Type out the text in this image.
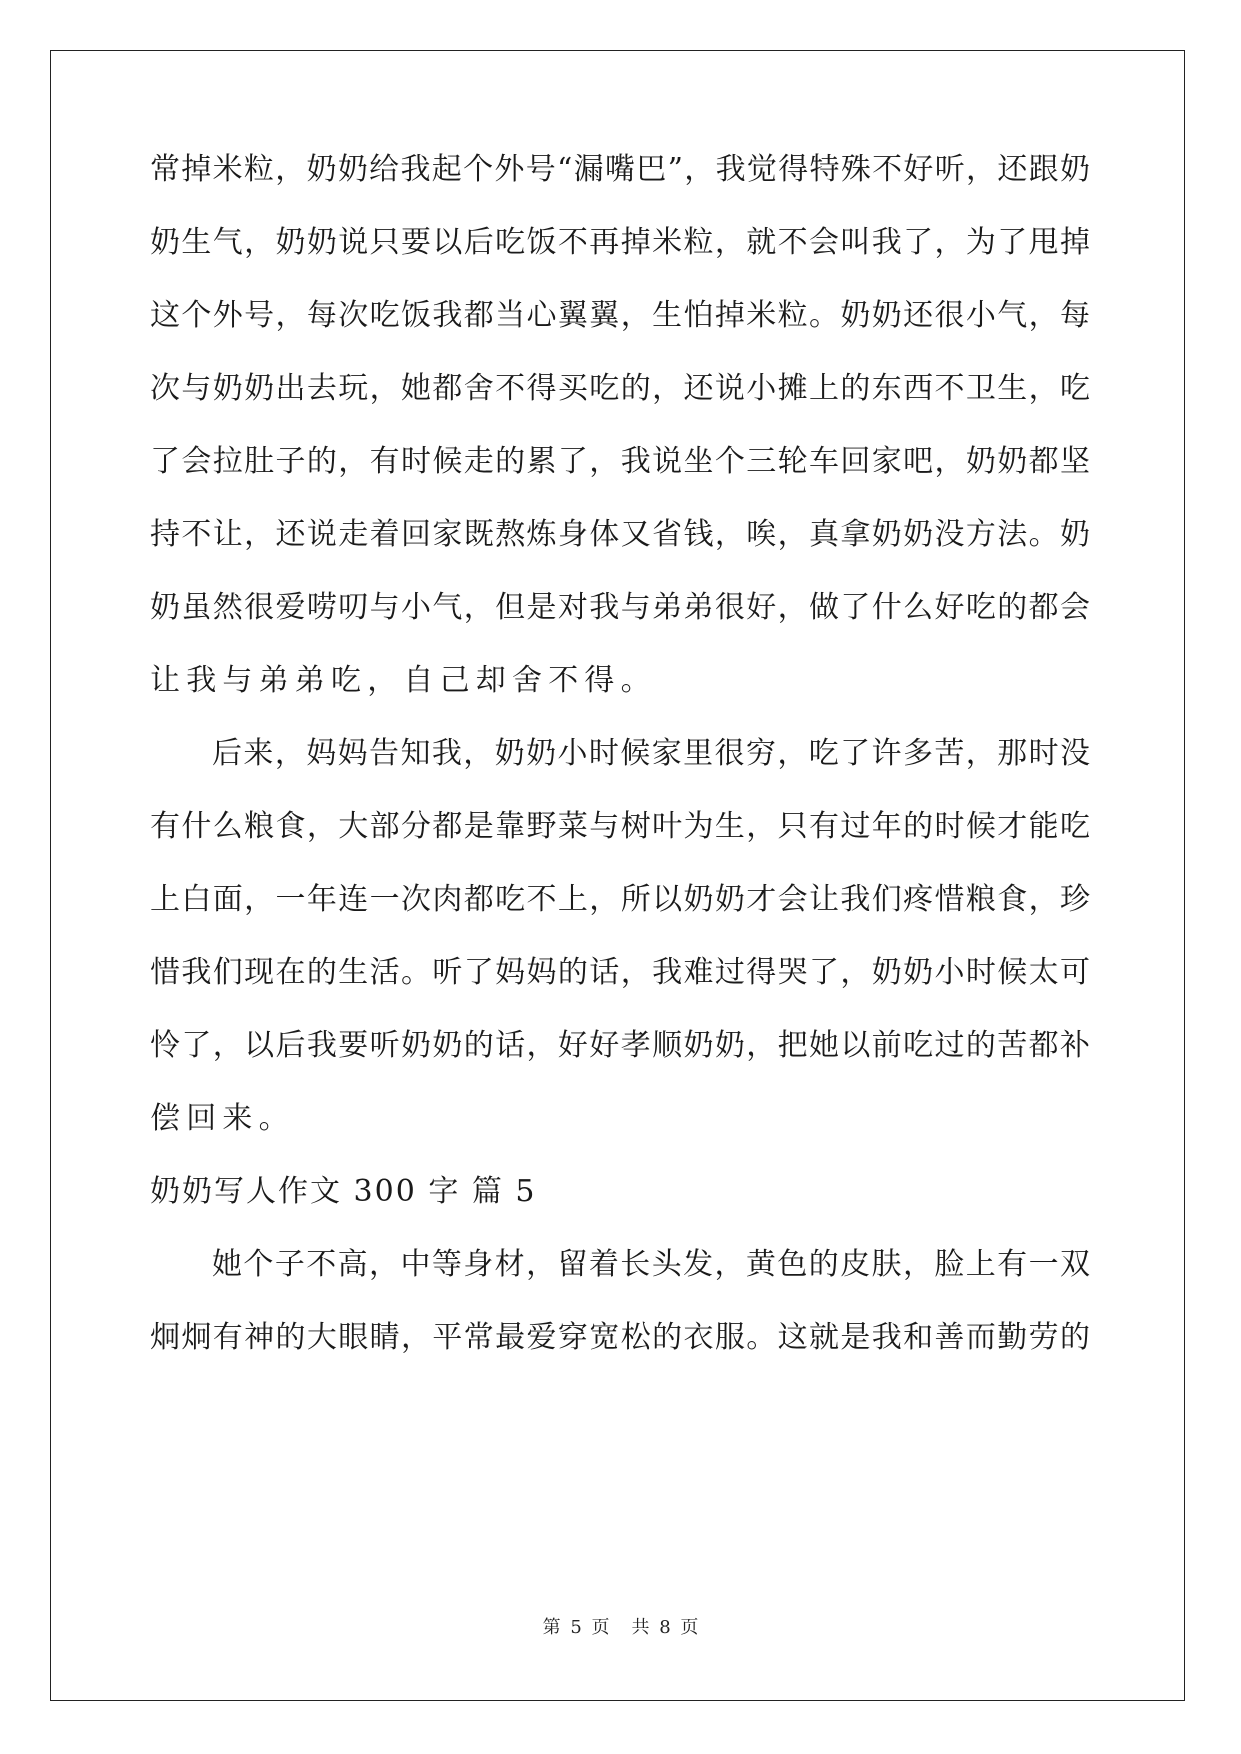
常掉米粒，奶奶给我起个外号“漏嘴巴”，我觉得特殊不好听，还跟奶
奶生气，奶奶说只要以后吃饭不再掉米粒，就不会叫我了，为了甩掉
这个外号，每次吃饭我都当心翼翼，生怕掉米粒。奶奶还很小气，每
次与奶奶出去玩，她都舍不得买吃的，还说小摊上的东西不卫生，吃
了会拉肚子的，有时候走的累了，我说坐个三轮车回家吧，奶奶都坚
持不让，还说走着回家既熬炼身体又省钱，唉，真拿奶奶没方法。奶
奶虽然很爱唠叨与小气，但是对我与弟弟很好，做了什么好吃的都会
让我与弟弟吃，自己却舍不得。
后来，妈妈告知我，奶奶小时候家里很穷，吃了许多苦，那时没
有什么粮食，大部分都是靠野菜与树叶为生，只有过年的时候才能吃
上白面，一年连一次肉都吃不上，所以奶奶才会让我们疼惜粮食，珍
惜我们现在的生活。听了妈妈的话，我难过得哭了，奶奶小时候太可
怜了，以后我要听奶奶的话，好好孝顺奶奶，把她以前吃过的苦都补
偿回来。
奶奶写人作文 300 字 篇 5
她个子不高，中等身材，留着长头发，黄色的皮肤，脸上有一双
炯炯有神的大眼睛，平常最爱穿宽松的衣服。这就是我和善而勤劳的
第 5 页 共 8 页
